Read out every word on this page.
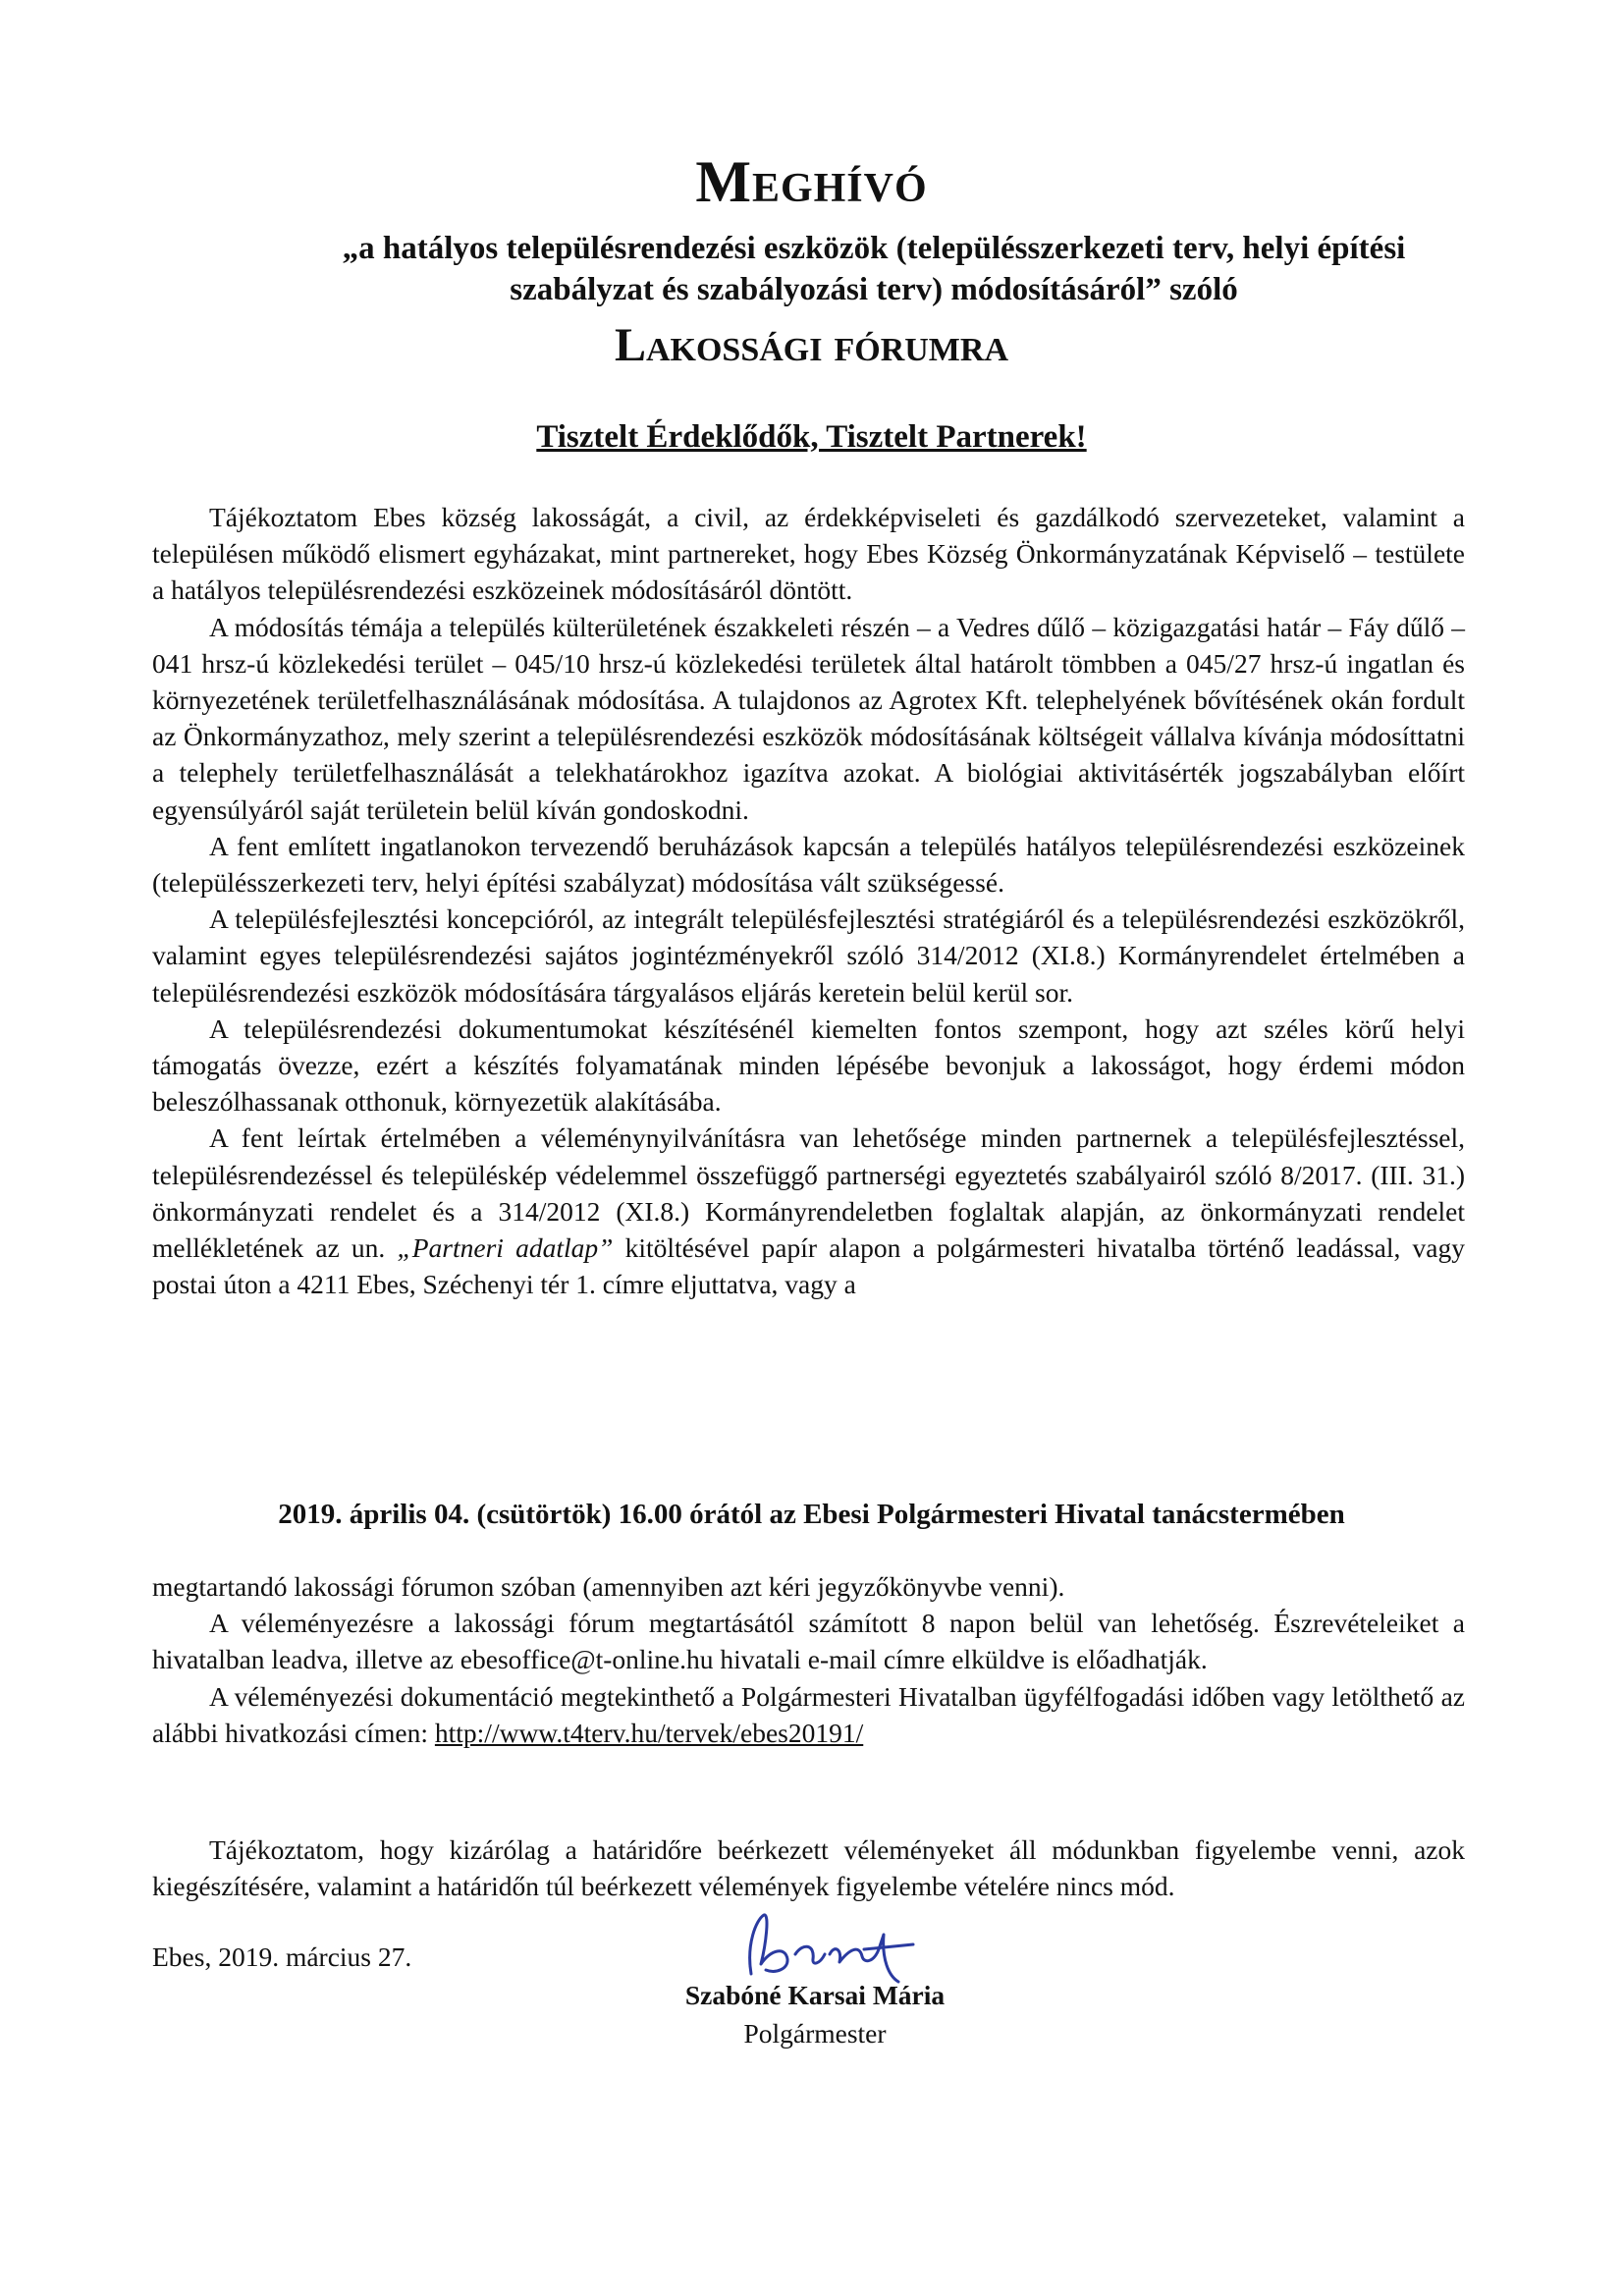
Meghívó
„a hatályos településrendezési eszközök (településszerkezeti terv, helyi építési szabályzat és szabályozási terv) módosításáról” szóló
Lakossági fórumra
Tisztelt Érdeklődők, Tisztelt Partnerek!

Tájékoztatom Ebes község lakosságát, a civil, az érdekképviseleti és gazdálkodó szervezeteket, valamint a településen működő elismert egyházakat, mint partnereket, hogy Ebes Község Önkormányzatának Képviselő – testülete a hatályos településrendezési eszközeinek módosításáról döntött.

A módosítás témája a település külterületének északkeleti részén – a Vedres dűlő – közigazgatási határ – Fáy dűlő – 041 hrsz-ú közlekedési terület – 045/10 hrsz-ú közlekedési területek által határolt tömbben a 045/27 hrsz-ú ingatlan és környezetének területfelhasználásának módosítása. A tulajdonos az Agrotex Kft. telephelyének bővítésének okán fordult az Önkormányzathoz, mely szerint a településrendezési eszközök módosításának költségeit vállalva kívánja módosíttatni a telephely területfelhasználását a telekhatárokhoz igazítva azokat. A biológiai aktivitásérték jogszabályban előírt egyensúlyáról saját területein belül kíván gondoskodni.

A fent említett ingatlanokon tervezendő beruházások kapcsán a település hatályos településrendezési eszközeinek (településszerkezeti terv, helyi építési szabályzat) módosítása vált szükségessé.

A településfejlesztési koncepcióról, az integrált településfejlesztési stratégiáról és a településrendezési eszközökről, valamint egyes településrendezési sajátos jogintézményekről szóló 314/2012 (XI.8.) Kormányrendelet értelmében a településrendezési eszközök módosítására tárgyalásos eljárás keretein belül kerül sor.

A településrendezési dokumentumokat készítésénél kiemelten fontos szempont, hogy azt széles körű helyi támogatás övezze, ezért a készítés folyamatának minden lépésébe bevonjuk a lakosságot, hogy érdemi módon beleszólhassanak otthonuk, környezetük alakításába.

A fent leírtak értelmében a véleménynyilvánításra van lehetősége minden partnernek a településfejlesztéssel, településrendezéssel és településkép védelemmel összefüggő partnerségi egyeztetés szabályairól szóló 8/2017. (III. 31.) önkormányzati rendelet és a 314/2012 (XI.8.) Kormányrendeletben foglaltak alapján, az önkormányzati rendelet mellékletének az un. „Partneri adatlap” kitöltésével papír alapon a polgármesteri hivatalba történő leadással, vagy postai úton a 4211 Ebes, Széchenyi tér 1. címre eljuttatva, vagy a

2019. április 04. (csütörtök) 16.00 órától az Ebesi Polgármesteri Hivatal tanácstermében

megtartandó lakossági fórumon szóban (amennyiben azt kéri jegyzőkönyvbe venni).

A véleményezésre a lakossági fórum megtartásától számított 8 napon belül van lehetőség. Észrevételeiket a hivatalban leadva, illetve az ebesoffice@t-online.hu hivatali e-mail címre elküldve is előadhatják.

A véleményezési dokumentáció megtekinthető a Polgármesteri Hivatalban ügyfélfogadási időben vagy letölthető az alábbi hivatkozási címen: http://www.t4terv.hu/tervek/ebes20191/

Tájékoztatom, hogy kizárólag a határidőre beérkezett véleményeket áll módunkban figyelembe venni, azok kiegészítésére, valamint a határidőn túl beérkezett vélemények figyelembe vételére nincs mód.

Ebes, 2019. március 27.
Szabóné Karsai Mária
Polgármester
